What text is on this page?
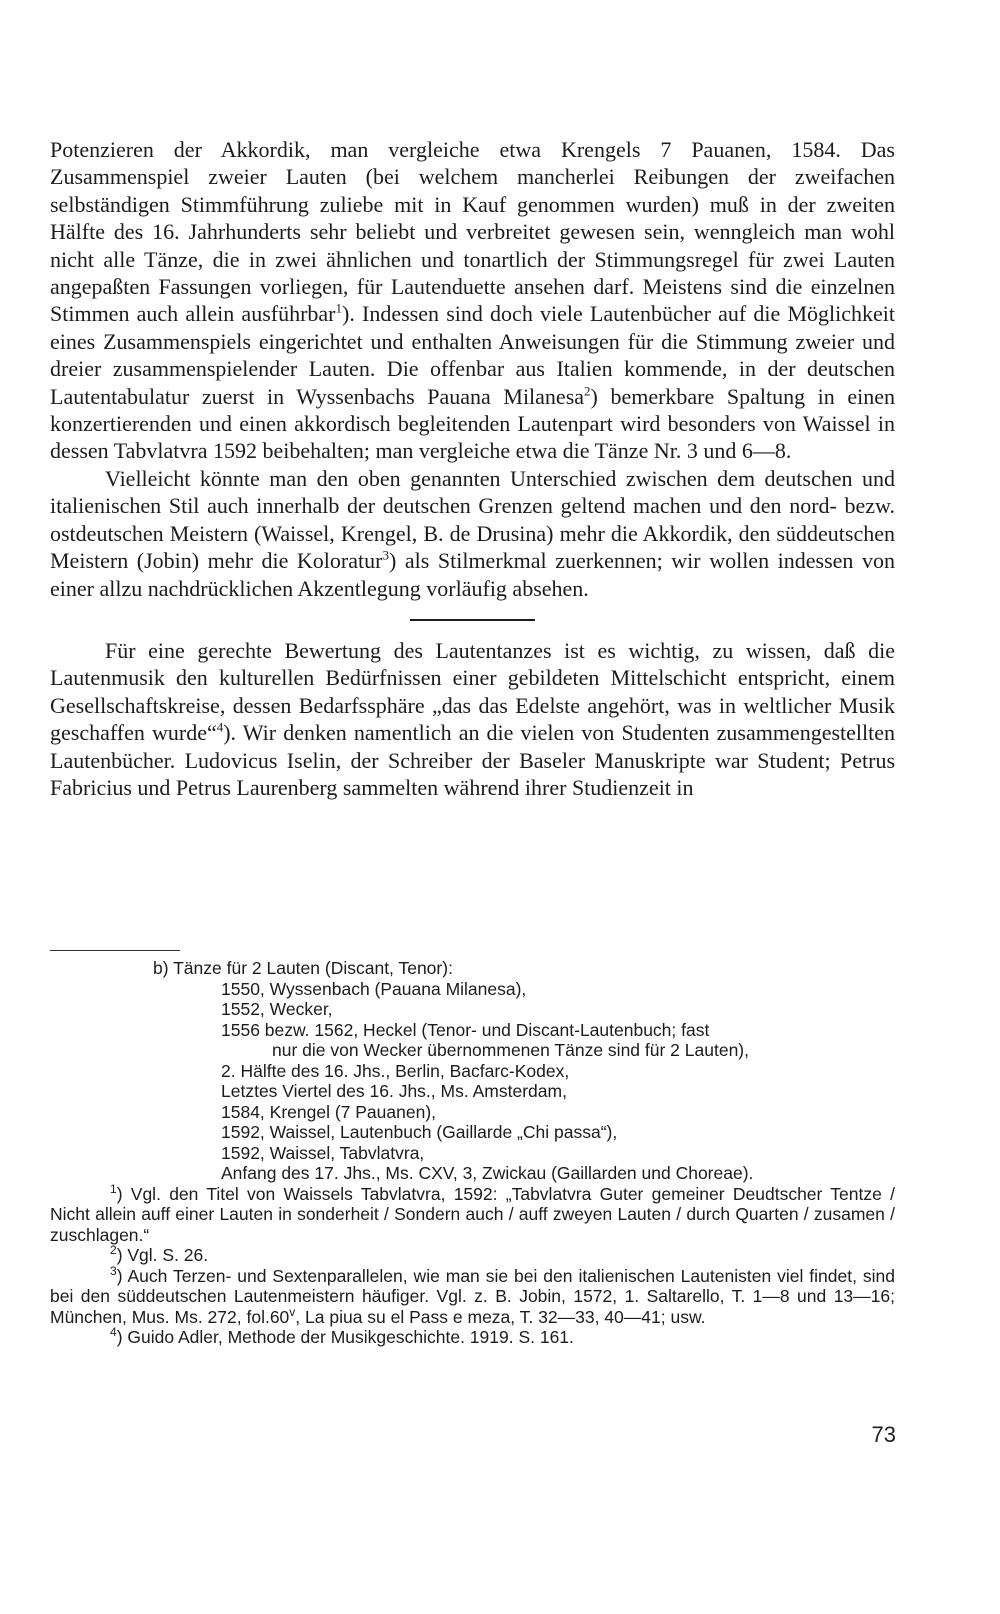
Potenzieren der Akkordik, man vergleiche etwa Krengels 7 Pauanen, 1584. Das Zusammenspiel zweier Lauten (bei welchem mancherlei Reibungen der zweifachen selbständigen Stimmführung zuliebe mit in Kauf genommen wurden) muß in der zweiten Hälfte des 16. Jahrhunderts sehr beliebt und verbreitet gewesen sein, wenngleich man wohl nicht alle Tänze, die in zwei ähnlichen und tonartlich der Stimmungsregel für zwei Lauten angepaßten Fassungen vorliegen, für Lautenduette ansehen darf. Meistens sind die einzelnen Stimmen auch allein ausführbar$^1$). Indessen sind doch viele Lautenbücher auf die Möglichkeit eines Zusammenspiels eingerichtet und enthalten Anweisungen für die Stimmung zweier und dreier zusammenspielender Lauten. Die offenbar aus Italien kommende, in der deutschen Lautentabulatur zuerst in Wyssenbachs Pauana Milanesa$^2$) bemerkbare Spaltung in einen konzertierenden und einen akkordisch begleitenden Lautenpart wird besonders von Waissel in dessen Tabvlatvra 1592 beibehalten; man vergleiche etwa die Tänze Nr. 3 und 6—8.

Vielleicht könnte man den oben genannten Unterschied zwischen dem deutschen und italienischen Stil auch innerhalb der deutschen Grenzen geltend machen und den nord- bezw. ostdeutschen Meistern (Waissel, Krengel, B. de Drusina) mehr die Akkordik, den süddeutschen Meistern (Jobin) mehr die Koloratur$^3$) als Stilmerkmal zuerkennen; wir wollen indessen von einer allzu nachdrücklichen Akzentlegung vorläufig absehen.

Für eine gerechte Bewertung des Lautentanzes ist es wichtig, zu wissen, daß die Lautenmusik den kulturellen Bedürfnissen einer gebildeten Mittelschicht entspricht, einem Gesellschaftskreise, dessen Bedarfssphäre „das das Edelste angehört, was in weltlicher Musik geschaffen wurde“$^4$). Wir denken namentlich an die vielen von Studenten zusammengestellten Lautenbücher. Ludovicus Iselin, der Schreiber der Baseler Manuskripte war Student; Petrus Fabricius und Petrus Laurenberg sammelten während ihrer Studienzeit in

b) Tänze für 2 Lauten (Discant, Tenor):
1550, Wyssenbach (Pauana Milanesa),
1552, Wecker,
1556 bezw. 1562, Heckel (Tenor- und Discant-Lautenbuch; fast
nur die von Wecker übernommenen Tänze sind für 2 Lauten),
2. Hälfte des 16. Jhs., Berlin, Bacfarc-Kodex,
Letztes Viertel des 16. Jhs., Ms. Amsterdam,
1584, Krengel (7 Pauanen),
1592, Waissel, Lautenbuch (Gaillarde „Chi passa“),
1592, Waissel, Tabvlatvra,
Anfang des 17. Jhs., Ms. CXV, 3, Zwickau (Gaillarden und Choreae).

$^1$) Vgl. den Titel von Waissels Tabvlatvra, 1592: „Tabvlatvra Guter gemeiner Deudtscher Tentze / Nicht allein auff einer Lauten in sonderheit / Sondern auch / auff zweyen Lauten / durch Quarten / zusamen / zuschlagen.“

$^2$) Vgl. S. 26.

$^3$) Auch Terzen- und Sextenparallelen, wie man sie bei den italienischen Lautenisten viel findet, sind bei den süddeutschen Lautenmeistern häufiger. Vgl. z. B. Jobin, 1572, 1. Saltarello, T. 1—8 und 13—16; München, Mus. Ms. 272, fol.60$^v$, La piua su el Pass e meza, T. 32—33, 40—41; usw.

$^4$) Guido Adler, Methode der Musikgeschichte. 1919. S. 161.

73
